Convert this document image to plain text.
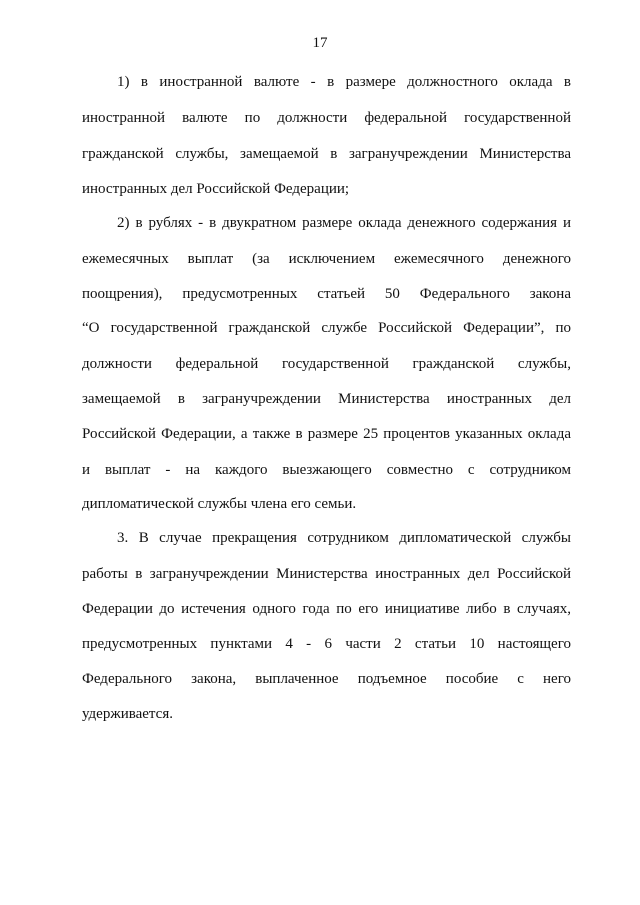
17
1) в иностранной валюте - в размере должностного оклада в
иностранной валюте по должности федеральной государственной
гражданской службы, замещаемой в загранучреждении Министерства
иностранных дел Российской Федерации;
2) в рублях - в двукратном размере оклада денежного содержания и
ежемесячных выплат (за исключением ежемесячного денежного
поощрения), предусмотренных статьей 50 Федерального закона
“О государственной гражданской службе Российской Федерации”, по
должности федеральной государственной гражданской службы,
замещаемой в загранучреждении Министерства иностранных дел
Российской Федерации, а также в размере 25 процентов указанных оклада
и выплат - на каждого выезжающего совместно с сотрудником
дипломатической службы члена его семьи.
3. В случае прекращения сотрудником дипломатической службы
работы в загранучреждении Министерства иностранных дел Российской
Федерации до истечения одного года по его инициативе либо в случаях,
предусмотренных пунктами 4 - 6 части 2 статьи 10 настоящего
Федерального закона, выплаченное подъемное пособие с него
удерживается.
